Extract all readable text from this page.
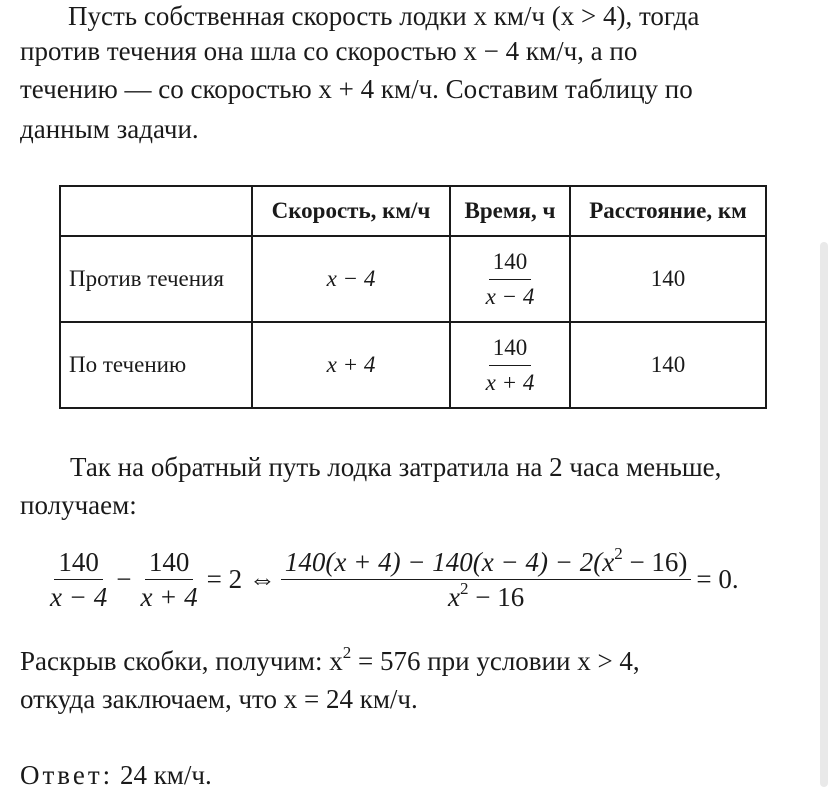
Пусть собственная скорость лодки x км/ч (x > 4), тогда
против течения она шла со скоростью x − 4 км/ч, а по
течению — со скоростью x + 4 км/ч. Составим таблицу по
данным задачи.
	Скорость, км/ч	Время, ч	Расстояние, км
Против течения	x − 4	$\frac{140}{x - 4}$	140
По течению	x + 4	$\frac{140}{x + 4}$	140
Так на обратный путь лодка затратила на 2 часа меньше,
получаем:
$\frac{140}{x - 4} - \frac{140}{x + 4} = 2$ ⇔ $\frac{140(x + 4) - 140(x - 4) - 2(x^2 - 16)}{x^2 - 16} = 0$.
Раскрыв скобки, получим: $x^2 = 576$ при условии x > 4,
откуда заключаем, что x = 24 км/ч.
Ответ: 24 км/ч.
